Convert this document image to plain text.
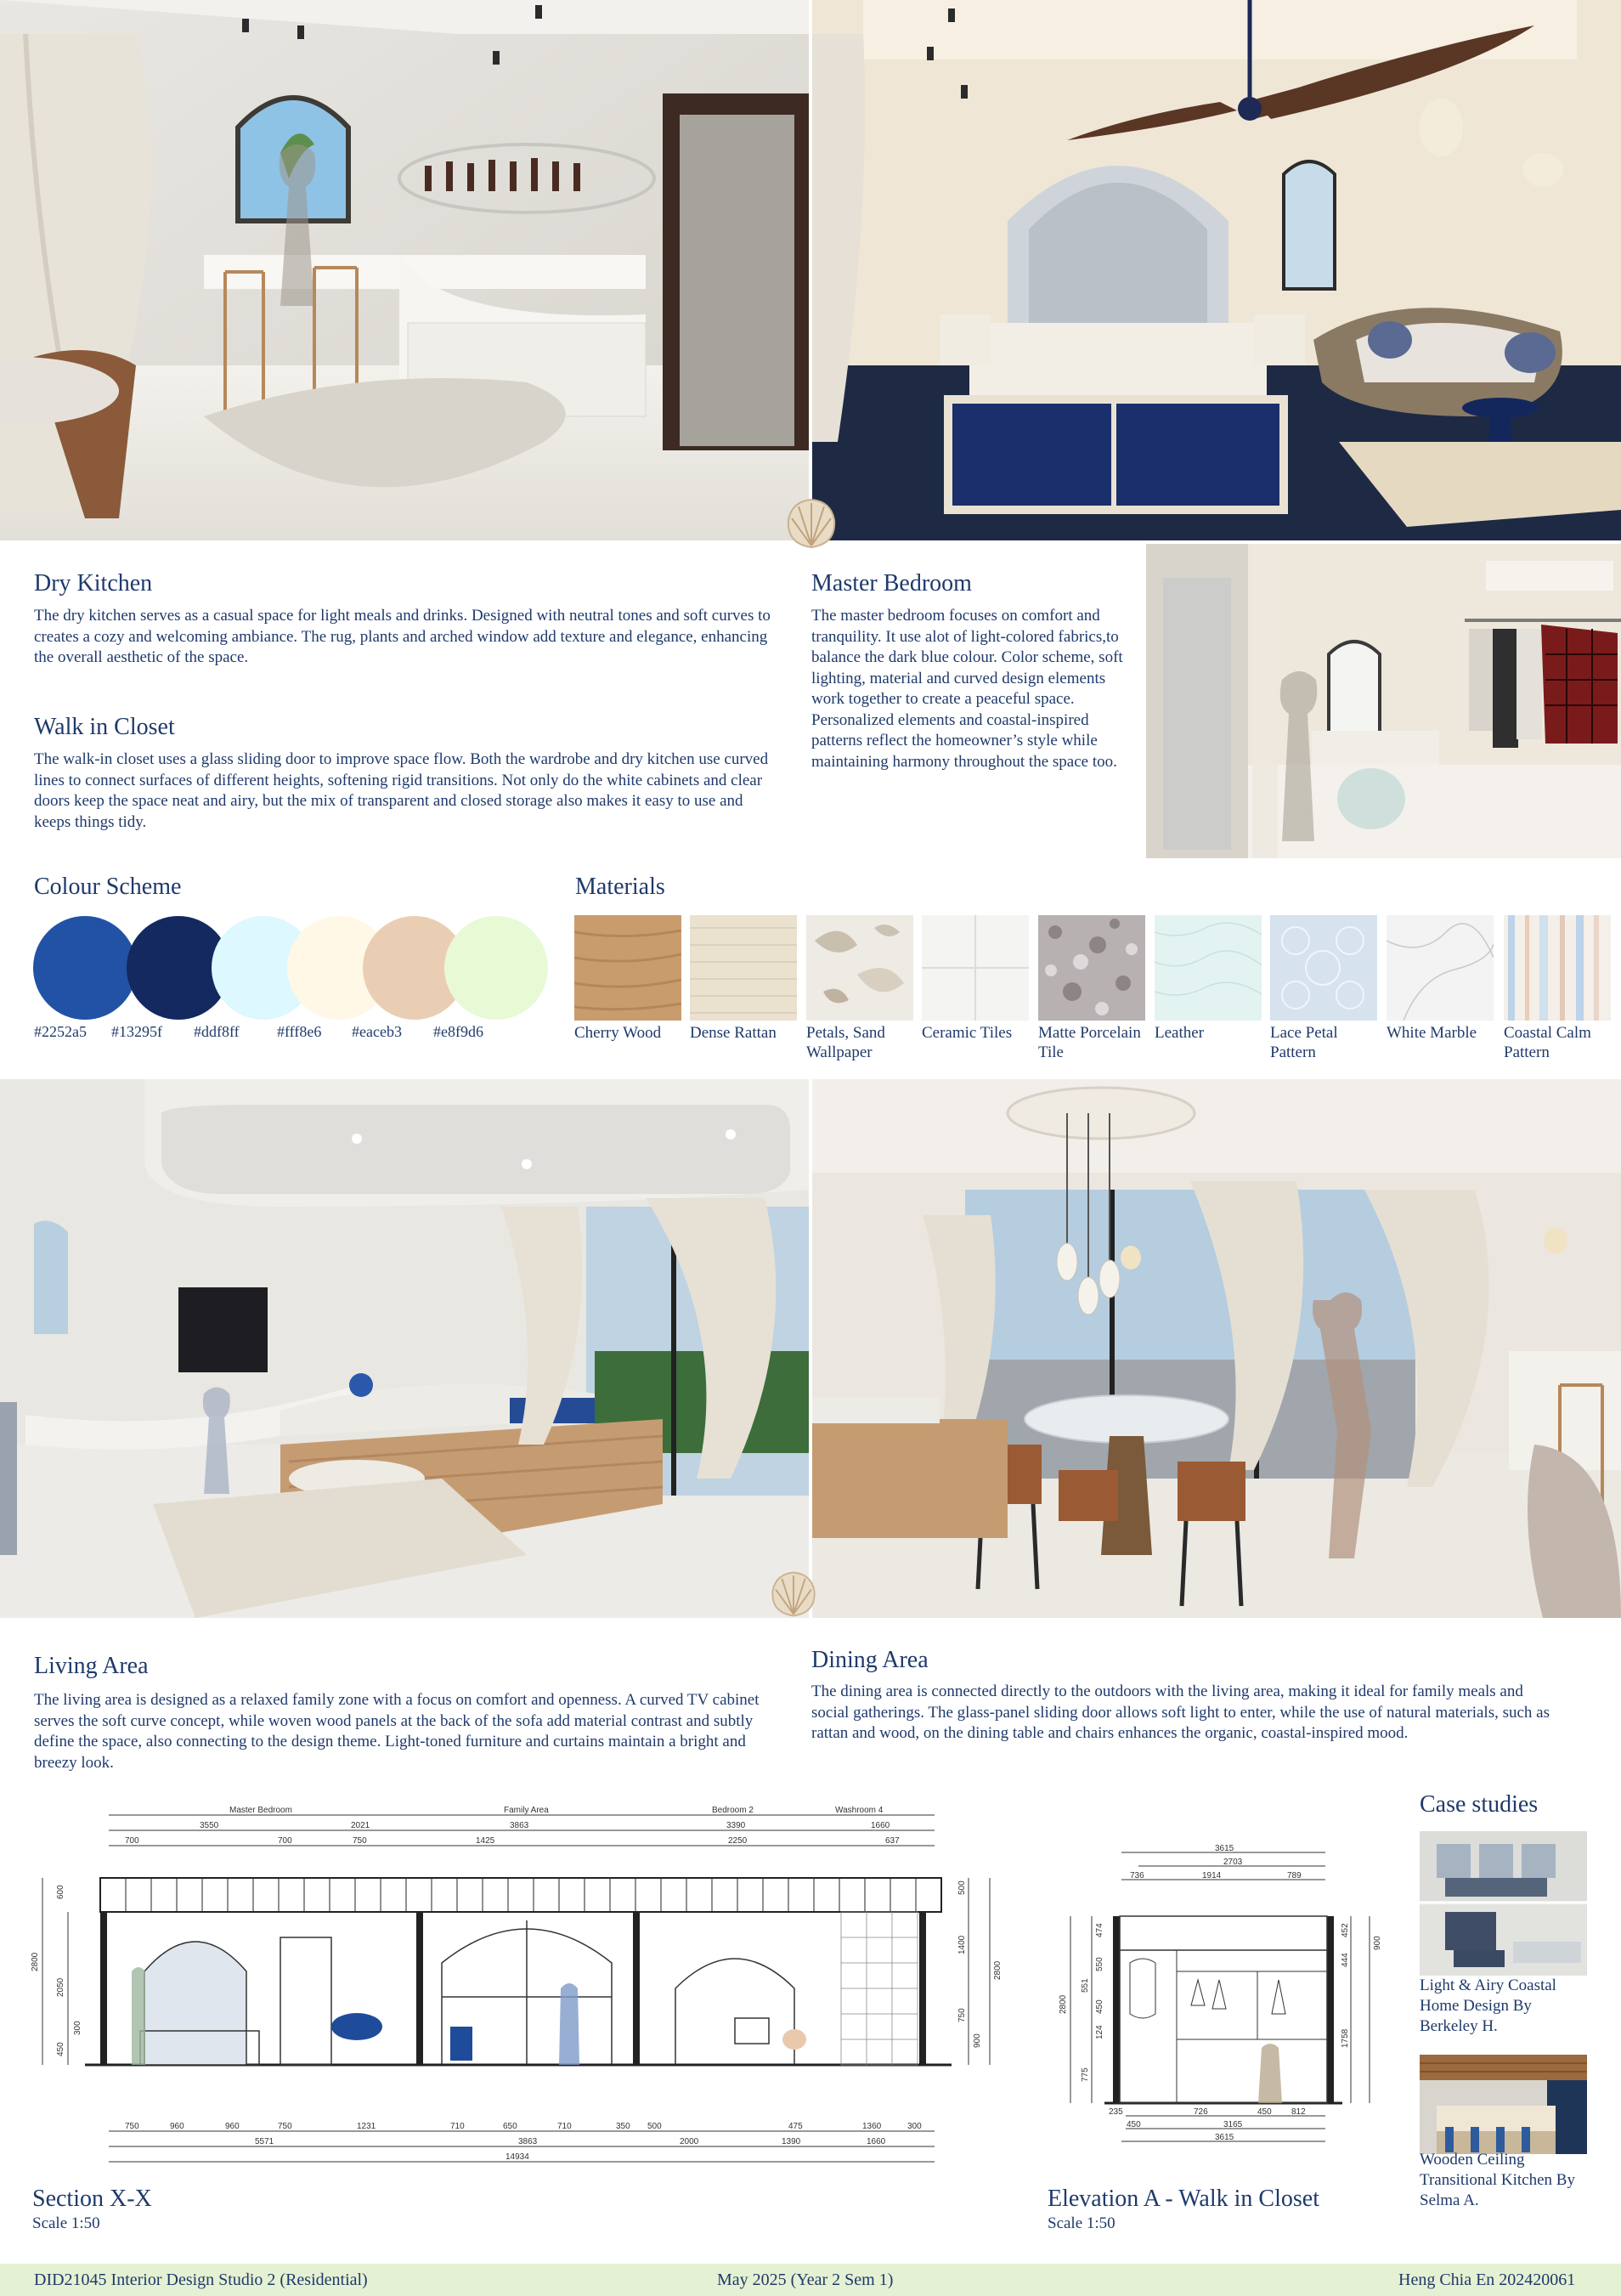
Dry Kitchen
The dry kitchen serves as a casual space for light meals and drinks. Designed with neutral tones and soft curves to creates a cozy and welcoming ambiance. The rug, plants and arched window add texture and elegance, enhancing the overall aesthetic of the space.
Walk in Closet
The walk-in closet uses a glass sliding door to improve space flow. Both the wardrobe and dry kitchen use curved lines to connect surfaces of different heights, softening rigid transitions. Not only do the white cabinets and clear doors keep the space neat and airy, but the mix of transparent and closed storage also makes it easy to use and keeps things tidy.
Master Bedroom
The master bedroom focuses on comfort and tranquility. It use alot of light-colored fabrics,to balance the dark blue colour. Color scheme, soft lighting, material and curved design elements work together to create a peaceful space. Personalized elements and coastal-inspired patterns reflect the homeowner’s style while maintaining harmony throughout the space too.
Colour Scheme
#2252a5 #13295f #ddf8ff #fff8e6 #eaceb3 #e8f9d6
Materials
Cherry Wood	Dense Rattan	Petals, Sand Wallpaper
Ceramic Tiles	Matte Porcelain Tile
Leather	Lace Petal Pattern
White Marble	Coastal Calm Pattern
Living Area
The living area is designed as a relaxed family zone with a focus on comfort and openness. A curved TV cabinet serves the soft curve concept, while woven wood panels at the back of the sofa add material contrast and subtly define the space, also connecting to the design theme. Light-toned furniture and curtains maintain a bright and breezy look.
Dining Area
The dining area is connected directly to the outdoors with the living area, making it ideal for family meals and social gatherings. The glass-panel sliding door allows soft light to enter, while the use of natural materials, such as rattan and wood, on the dining table and chairs enhances the organic, coastal-inspired mood.
Master Bedroom	Family Area	Bedroom 2	Washroom 4
3550	2021	3863	3390	1660
700	700	750	1425	2250	637
2800
600
2050
300
450
500
1400
2800
750
900
750	960	960	750	1231	710	650	710	350 500	475	1360	300
5571	3863	2000	1390	1660
14934
Section X-X
Scale 1:50
3615
2703
736	1914	789
474
550
551
450
124
2800
775
452
444
900
1758
235
450
726	450 812
3165
3615
Elevation A - Walk in Closet
Scale 1:50
Case studies
Light & Airy Coastal Home Design By Berkeley H.
Wooden Ceiling Transitional Kitchen By Selma A.
DID21045 Interior Design Studio 2 (Residential)	May 2025 (Year 2 Sem 1)	Heng Chia En 202420061
